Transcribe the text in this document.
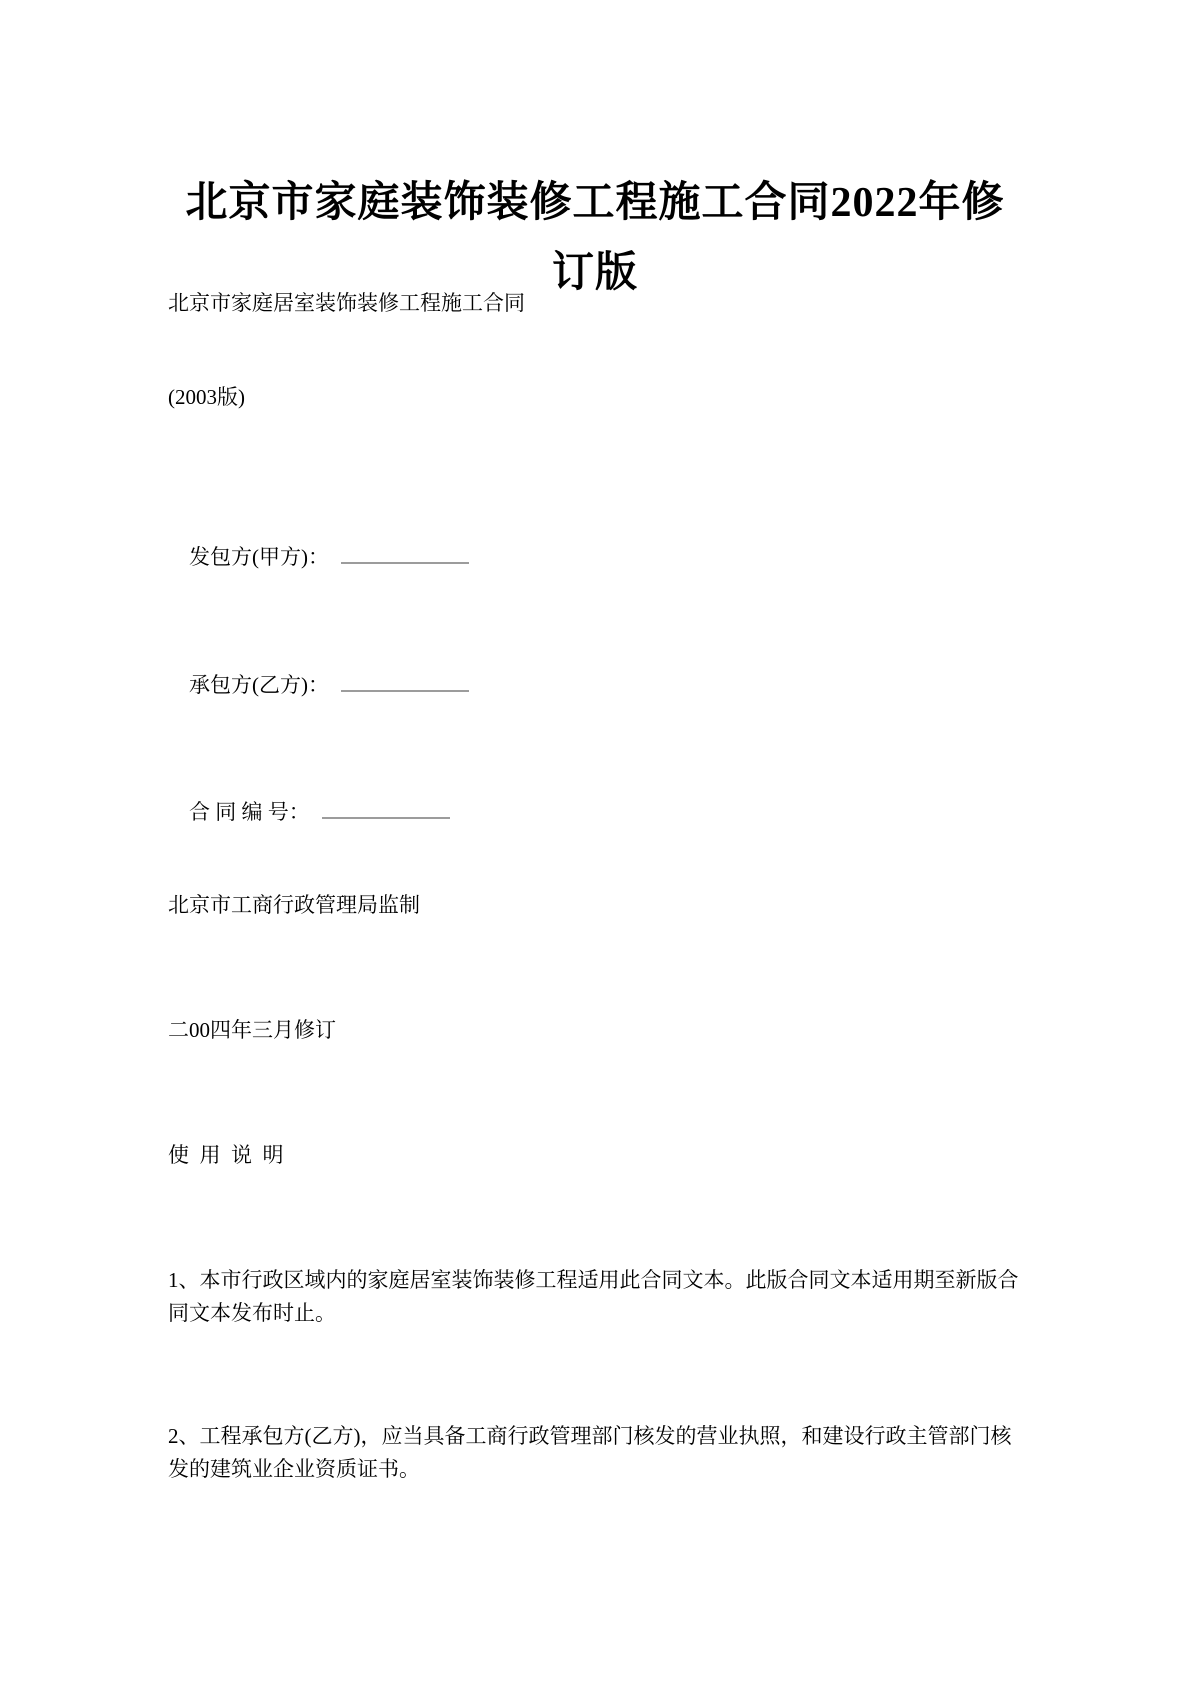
北京市家庭装饰装修工程施工合同2022年修订版
北京市家庭居室装饰装修工程施工合同
(2003版)

发包方(甲方)：

承包方(乙方)：

合 同 编 号：

北京市工商行政管理局监制
二00四年三月修订
使  用  说  明
1、本市行政区域内的家庭居室装饰装修工程适用此合同文本。此版合同文本适用期至新版合同文本发布时止。
2、工程承包方(乙方)，应当具备工商行政管理部门核发的营业执照，和建设行政主管部门核发的建筑业企业资质证书。
